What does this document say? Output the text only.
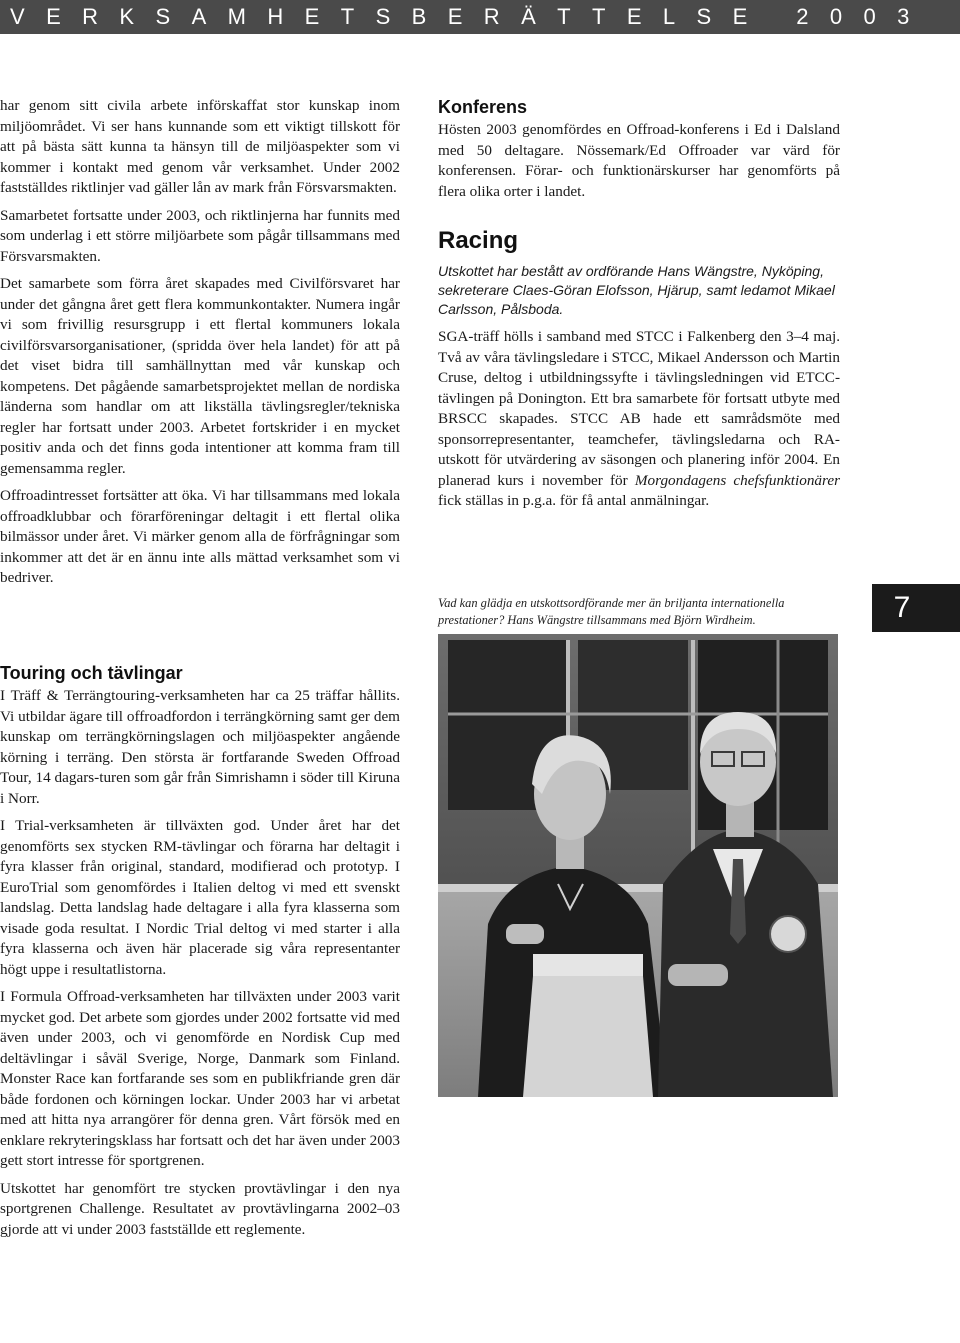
VERKSAMHETSBERÄTTELSE 2003

har genom sitt civila arbete införskaffat stor kunskap inom miljöområdet. Vi ser hans kunnande som ett viktigt tillskott för att på bästa sätt kunna ta hänsyn till de miljöaspekter som vi kommer i kontakt med genom vår verksamhet. Under 2002 fastställdes riktlinjer vad gäller lån av mark från Försvarsmakten.

Samarbetet fortsatte under 2003, och riktlinjerna har funnits med som underlag i ett större miljöarbete som pågår tillsammans med Försvarsmakten.

Det samarbete som förra året skapades med Civilförsvaret har under det gångna året gett flera kommunkontakter. Numera ingår vi som frivillig resursgrupp i ett flertal kommuners lokala civilförsvarsorganisationer, (spridda över hela landet) för att på det viset bidra till samhällnyttan med vår kunskap och kompetens. Det pågående samarbetsprojektet mellan de nordiska länderna som handlar om att likställa tävlingsregler/tekniska regler har fortsatt under 2003. Arbetet fortskrider i en mycket positiv anda och det finns goda intentioner att komma fram till gemensamma regler.

Offroadintresset fortsätter att öka. Vi har tillsammans med lokala offroadklubbar och förarföreningar deltagit i ett flertal olika bilmässor under året. Vi märker genom alla de förfrågningar som inkommer att det är en ännu inte alls mättad verksamhet som vi bedriver.

Touring och tävlingar

I Träff & Terrängtouring-verksamheten har ca 25 träffar hållits. Vi utbildar ägare till offroadfordon i terrängkörning samt ger dem kunskap om terrängkörningslagen och miljöaspekter angående körning i terräng. Den största är fortfarande Sweden Offroad Tour, 14 dagars-turen som går från Simrishamn i söder till Kiruna i Norr.

I Trial-verksamheten är tillväxten god. Under året har det genomförts sex stycken RM-tävlingar och förarna har deltagit i fyra klasser från original, standard, modifierad och prototyp. I EuroTrial som genomfördes i Italien deltog vi med ett svenskt landslag. Detta landslag hade deltagare i alla fyra klasserna som visade goda resultat. I Nordic Trial deltog vi med starter i alla fyra klasserna och även här placerade sig våra representanter högt uppe i resultatlistorna.

I Formula Offroad-verksamheten har tillväxten under 2003 varit mycket god. Det arbete som gjordes under 2002 fortsatte vid med även under 2003, och vi genomförde en Nordisk Cup med deltävlingar i såväl Sverige, Norge, Danmark som Finland. Monster Race kan fortfarande ses som en publikfriande gren där både fordonen och körningen lockar. Under 2003 har vi arbetat med att hitta nya arrangörer för denna gren. Vårt försök med en enklare rekryteringsklass har fortsatt och det har även under 2003 gett stort intresse för sportgrenen.

Utskottet har genomfört tre stycken provtävlingar i den nya sportgrenen Challenge. Resultatet av provtävlingarna 2002–03 gjorde att vi under 2003 fastställde ett reglemente.

Konferens

Hösten 2003 genomfördes en Offroad-konferens i Ed i Dalsland med 50 deltagare. Nössemark/Ed Offroader var värd för konferensen. Förar- och funktionärskurser har genomförts på flera olika orter i landet.

Racing

Utskottet har bestått av ordförande Hans Wängstre, Nyköping, sekreterare Claes-Göran Elofsson, Hjärup, samt ledamot Mikael Carlsson, Pålsboda.

SGA-träff hölls i samband med STCC i Falkenberg den 3–4 maj. Två av våra tävlingsledare i STCC, Mikael Andersson och Martin Cruse, deltog i utbildningssyfte i tävlingsledningen vid ETCC-tävlingen på Donington. Ett bra samarbete för fortsatt utbyte med BRSCC skapades. STCC AB hade ett samrådsmöte med sponsorrepresentanter, teamchefer, tävlingsledarna och RA-utskott för utvärdering av säsongen och planering inför 2004. En planerad kurs i november för Morgondagens chefsfunktionärer fick ställas in p.g.a. för få antal anmälningar.

Vad kan glädja en utskottsordförande mer än briljanta internationella prestationer? Hans Wängstre tillsammans med Björn Wirdheim.	7
